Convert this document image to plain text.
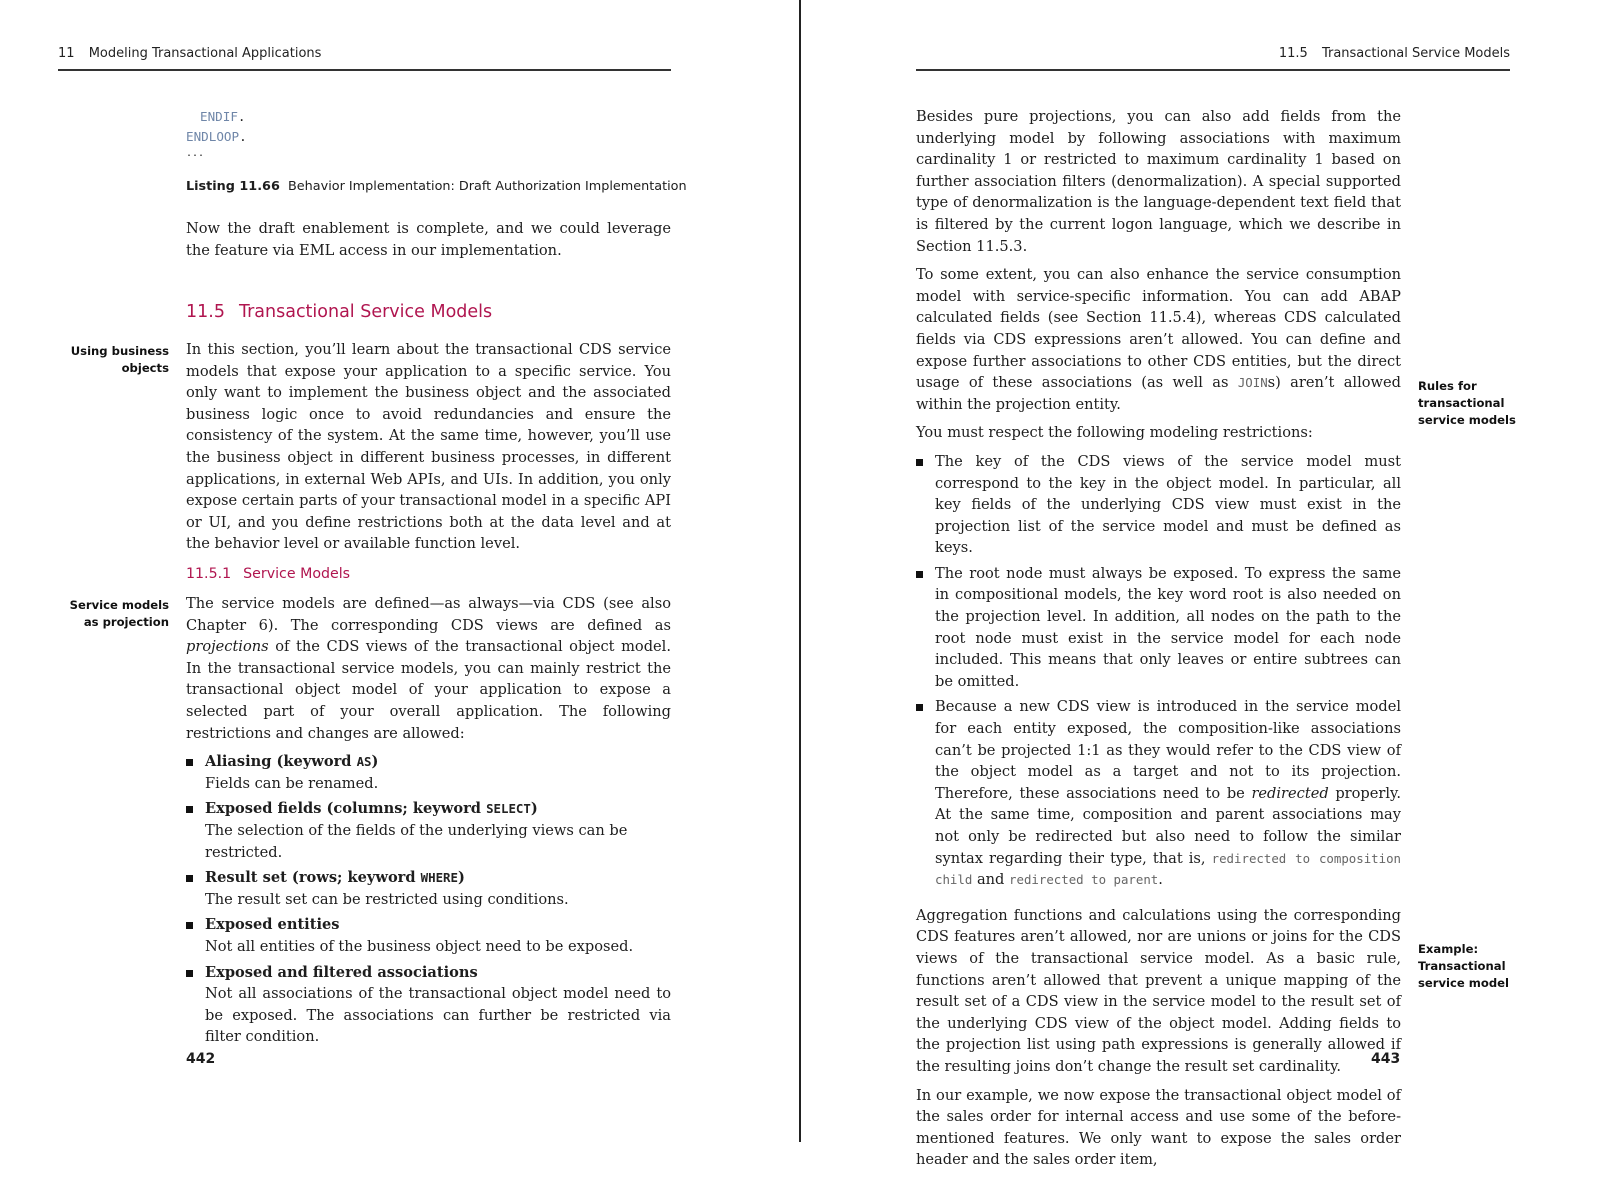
11 Modeling Transactional Applications
ENDIF.
ENDLOOP.
...
Listing 11.66 Behavior Implementation: Draft Authorization Implementation

Now the draft enablement is complete, and we could leverage the feature via EML access in our implementation.

11.5 Transactional Service Models
Using business objects

In this section, you’ll learn about the transactional CDS service models that expose your application to a specific service. You only want to implement the business object and the associated business logic once to avoid redundancies and ensure the consistency of the system. At the same time, however, you’ll use the business object in different business processes, in different applications, in external Web APIs, and UIs. In addition, you only expose certain parts of your transactional model in a specific API or UI, and you define restrictions both at the data level and at the behavior level or available function level.

11.5.1 Service Models
Service models as projection

The service models are defined—as always—via CDS (see also Chapter 6). The corresponding CDS views are defined as projections of the CDS views of the transactional object model. In the transactional service models, you can mainly restrict the transactional object model of your application to expose a selected part of your overall application. The following restrictions and changes are allowed:

Aliasing (keyword AS)
Fields can be renamed.
Exposed fields (columns; keyword SELECT)
The selection of the fields of the underlying views can be restricted.
Result set (rows; keyword WHERE)
The result set can be restricted using conditions.
Exposed entities
Not all entities of the business object need to be exposed.
Exposed and filtered associations
Not all associations of the transactional object model need to be exposed. The associations can further be restricted via filter condition.
442
11.5 Transactional Service Models

Besides pure projections, you can also add fields from the underlying model by following associations with maximum cardinality 1 or restricted to maximum cardinality 1 based on further association filters (denormalization). A special supported type of denormalization is the language-dependent text field that is filtered by the current logon language, which we describe in Section 11.5.3.

To some extent, you can also enhance the service consumption model with service-specific information. You can add ABAP calculated fields (see Section 11.5.4), whereas CDS calculated fields via CDS expressions aren’t allowed. You can define and expose further associations to other CDS entities, but the direct usage of these associations (as well as JOINs) aren’t allowed within the projection entity.

You must respect the following modeling restrictions:

The key of the CDS views of the service model must correspond to the key in the object model. In particular, all key fields of the underlying CDS view must exist in the projection list of the service model and must be defined as keys.
The root node must always be exposed. To express the same in compositional models, the key word root is also needed on the projection level. In addition, all nodes on the path to the root node must exist in the service model for each node included. This means that only leaves or entire subtrees can be omitted.
Because a new CDS view is introduced in the service model for each entity exposed, the composition-like associations can’t be projected 1:1 as they would refer to the CDS view of the object model as a target and not to its projection. Therefore, these associations need to be redirected properly. At the same time, composition and parent associations may not only be redirected but also need to follow the similar syntax regarding their type, that is, redirected to composition child and redirected to parent.

Aggregation functions and calculations using the corresponding CDS features aren’t allowed, nor are unions or joins for the CDS views of the transactional service model. As a basic rule, functions aren’t allowed that prevent a unique mapping of the result set of a CDS view in the service model to the result set of the underlying CDS view of the object model. Adding fields to the projection list using path expressions is generally allowed if the resulting joins don’t change the result set cardinality.

In our example, we now expose the transactional object model of the sales order for internal access and use some of the before-mentioned features. We only want to expose the sales order header and the sales order item,

Rules for transactional service models
Example: Transactional service model
443
